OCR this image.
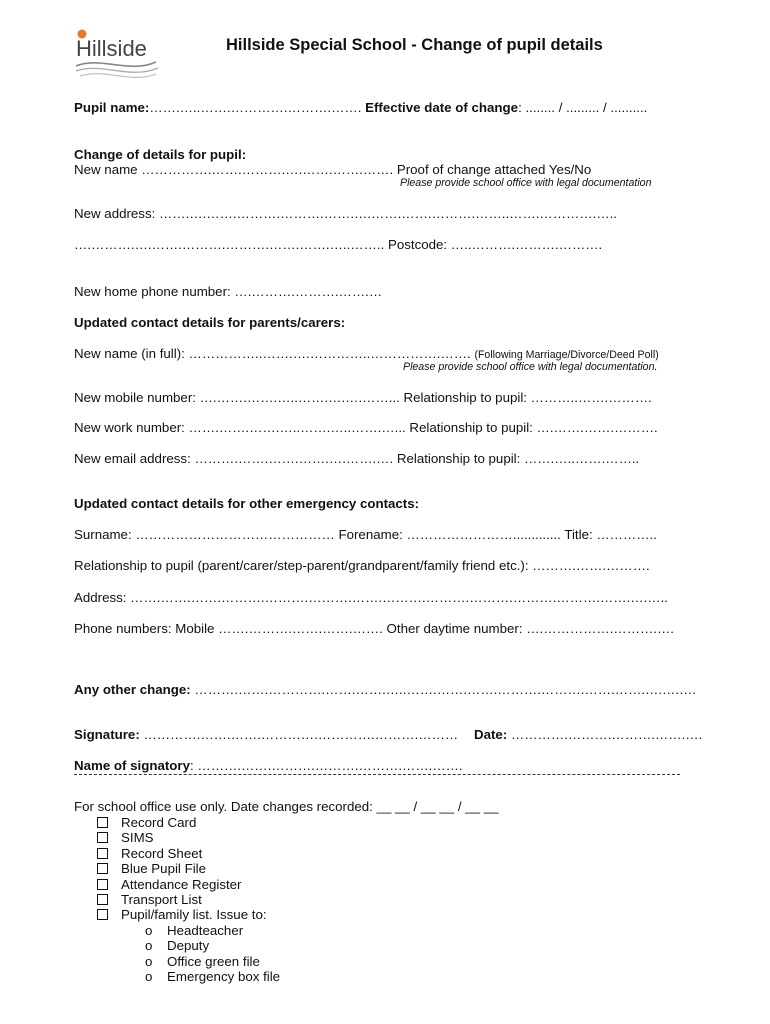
Hillside	Hillside Special School - Change of pupil details
Pupil name:…….…..…….………….……….……. Effective date of change: ........ / ......... / ..........
Change of details for pupil:
New name …………….…….……….….…….…….……. Proof of change attached Yes/No
Please provide school office with legal documentation
New address: …….….…….……….……….…….….…….…….……….……..…….………….…..
….……….….…….……….……….…….…….…..…….. Postcode: …..……….……….……….
New home phone number: ….……….……….…….…
Updated contact details for parents/carers:
New name (in full): ……………..…….….…………..…………….……. (Following Marriage/Divorce/Deed Poll)
Please provide school office with legal documentation.
New mobile number: ….…….…….…..…….….….……... Relationship to pupil: ………..…….……….
New work number: …….…….…….…..…….…..…….…... Relationship to pupil: ….…….…….……….
New email address: ……….…….…….…….….…….…. Relationship to pupil: …….…..…….……..
Updated contact details for other emergency contacts:
Surname: ……………………………………… Forename: ……………………............. Title: …………..
Relationship to pupil (parent/carer/step-parent/grandparent/family friend etc.): ……….…….……….
Address: …….…….…….……….……….……….…….……….……….……….……….……….…….….…..
Phone numbers: Mobile …….……….…….…….……. Other daytime number: ….…………….……….….
Any other change: ……….…….………….…….…….…..…….…….…….……….……….…….…….….….….
Signature: ………….…….…….………….………….……….……… Date: ………….……….……….…….….
Name of signatory: ……….…….……….……….……….…….…….
For school office use only. Date changes recorded: __ __ / __ __ / __ __
Record Card
SIMS
Record Sheet
Blue Pupil File
Attendance Register
Transport List
Pupil/family list. Issue to:
o Headteacher
o Deputy
o Office green file
o Emergency box file
